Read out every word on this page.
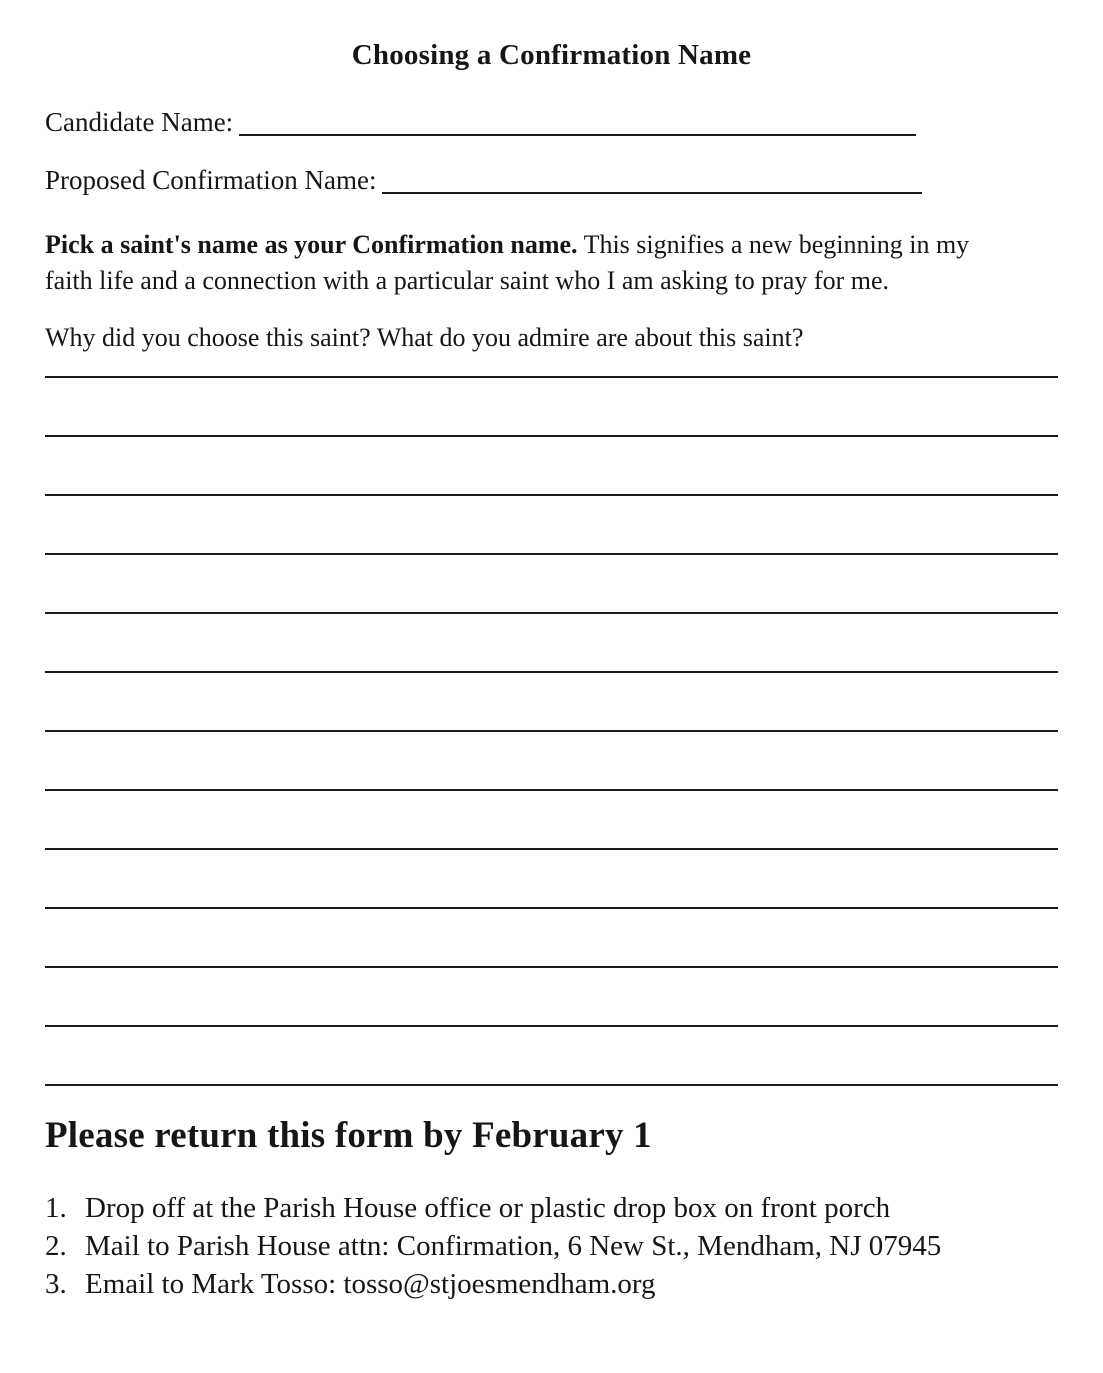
Choosing a Confirmation Name
Candidate Name:
Proposed Confirmation Name:

Pick a saint's name as your Confirmation name. This signifies a new beginning in my
faith life and a connection with a particular saint who I am asking to pray for me.

Why did you choose this saint? What do you admire are about this saint?

Please return this form by February 1
1. Drop off at the Parish House office or plastic drop box on front porch
2. Mail to Parish House attn: Confirmation, 6 New St., Mendham, NJ 07945
3. Email to Mark Tosso: tosso@stjoesmendham.org
